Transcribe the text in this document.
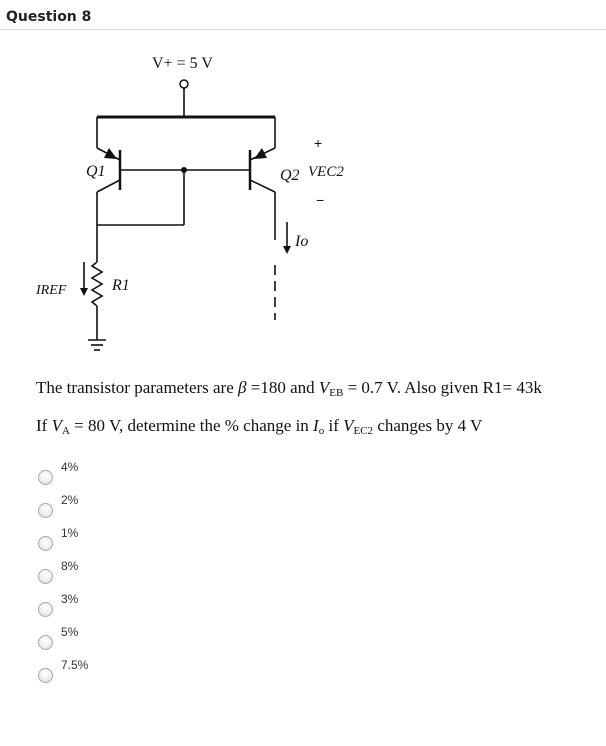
Question 8
V+ = 5 V
Q1	Q2
+
VEC2
−
Io
IREF	R1
The transistor parameters are β =180 and $V_{EB} = 0.7$ V. Also given R1= 43k
If $V_A = 80$ V, determine the % change in $I_o$ if $V_{EC2}$ changes by 4 V
4%
2%
1%
8%
3%
5%
7.5%
